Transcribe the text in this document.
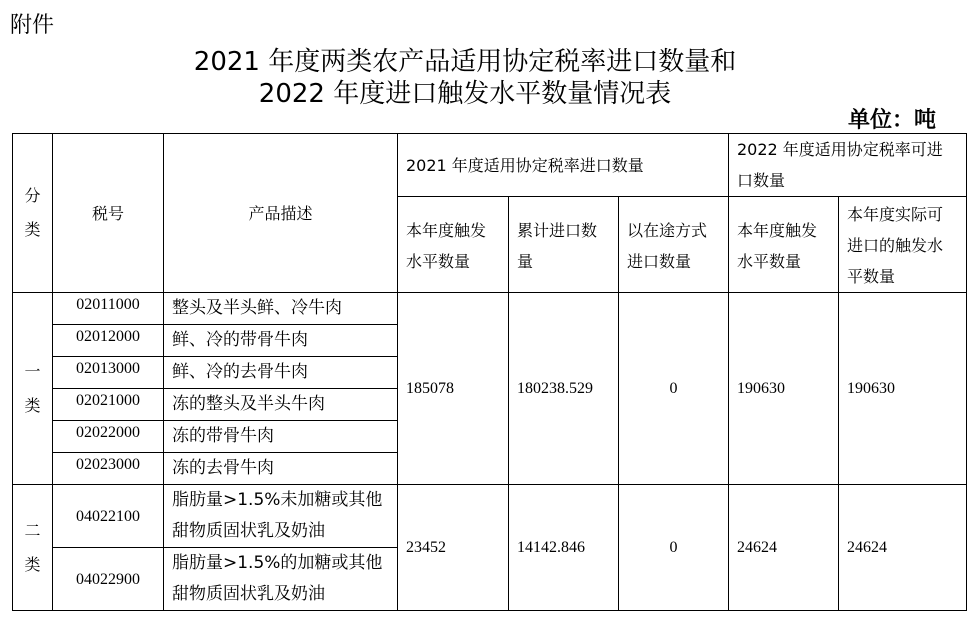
附件
2021 年度两类农产品适用协定税率进口数量和
2022 年度进口触发水平数量情况表
单位：吨
分
类	税号	产品描述	2021 年度适用协定税率进口数量			2022 年度适用协定税率可进口数量	
			本年度触发水平数量	累计进口数量	以在途方式进口数量	本年度触发水平数量	本年度实际可进口的触发水平数量

一
类	02011000	整头及半头鲜、冷牛肉	185078	180238.529	0	190630	190630
	02012000	鲜、冷的带骨牛肉					
	02013000	鲜、冷的去骨牛肉					
	02021000	冻的整头及半头牛肉					
	02022000	冻的带骨牛肉					
	02023000	冻的去骨牛肉					

二
类	04022100	脂肪量>1.5%未加糖或其他甜物质固状乳及奶油	23452	14142.846	0	24624	24624
	04022900	脂肪量>1.5%的加糖或其他甜物质固状乳及奶油					
